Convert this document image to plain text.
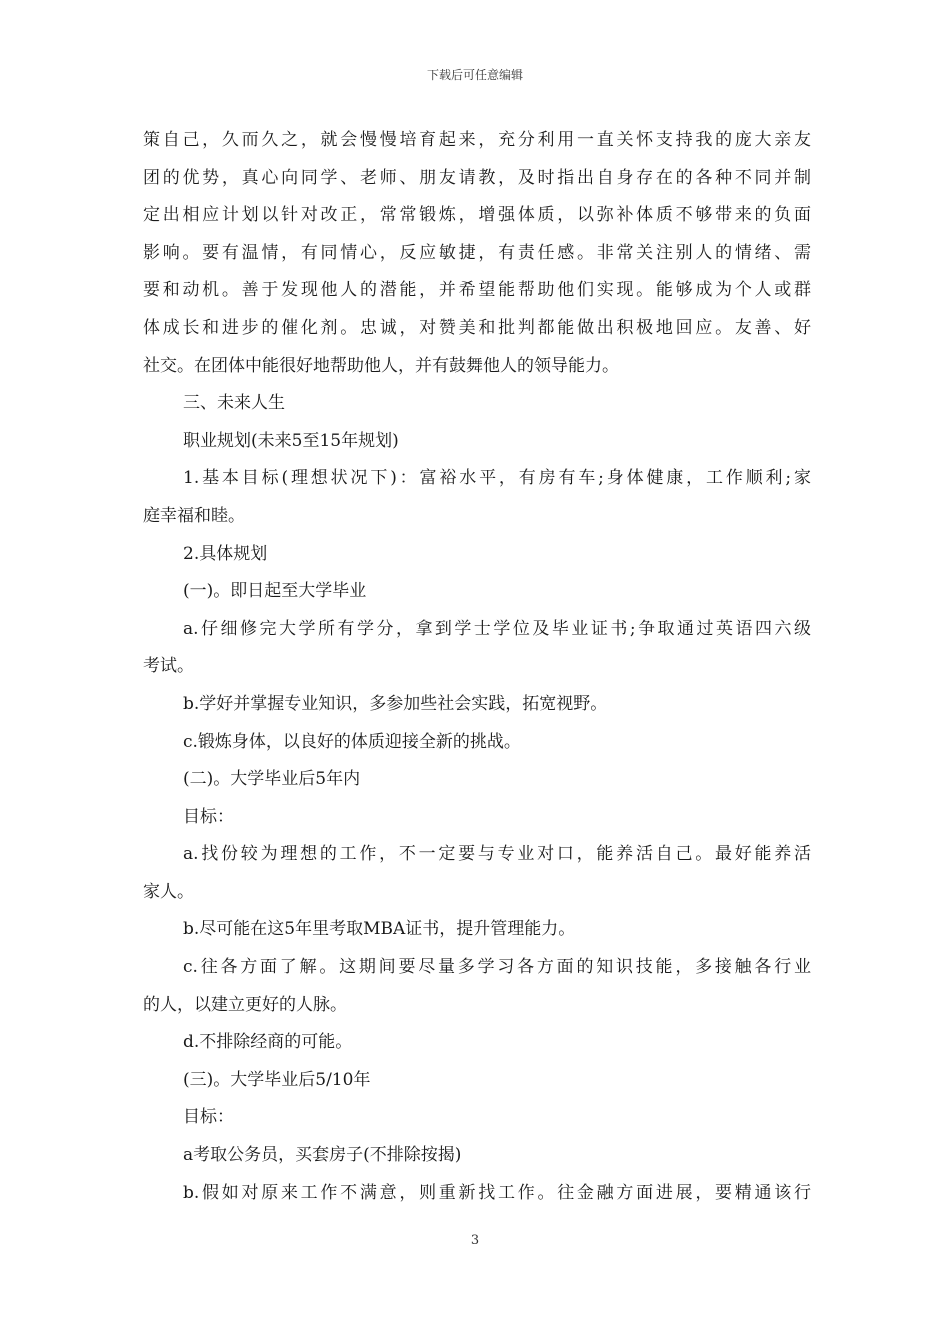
下载后可任意编辑
策自己，久而久之，就会慢慢培育起来，充分利用一直关怀支持我的庞大亲友
团的优势，真心向同学、老师、朋友请教，及时指出自身存在的各种不同并制
定出相应计划以针对改正，常常锻炼，增强体质，以弥补体质不够带来的负面
影响。要有温情，有同情心，反应敏捷，有责任感。非常关注别人的情绪、需
要和动机。善于发现他人的潜能，并希望能帮助他们实现。能够成为个人或群
体成长和进步的催化剂。忠诚，对赞美和批判都能做出积极地回应。友善、好
社交。在团体中能很好地帮助他人，并有鼓舞他人的领导能力。
三、未来人生
职业规划(未来5至15年规划)
1.基本目标(理想状况下)：富裕水平，有房有车;身体健康，工作顺利;家
庭幸福和睦。
2.具体规划
(一)。即日起至大学毕业
a.仔细修完大学所有学分，拿到学士学位及毕业证书;争取通过英语四六级
考试。
b.学好并掌握专业知识，多参加些社会实践，拓宽视野。
c.锻炼身体，以良好的体质迎接全新的挑战。
(二)。大学毕业后5年内
目标：
a.找份较为理想的工作，不一定要与专业对口，能养活自己。最好能养活
家人。
b.尽可能在这5年里考取MBA证书，提升管理能力。
c.往各方面了解。这期间要尽量多学习各方面的知识技能，多接触各行业
的人，以建立更好的人脉。
d.不排除经商的可能。
(三)。大学毕业后5/10年
目标：
a考取公务员，买套房子(不排除按揭)
b.假如对原来工作不满意，则重新找工作。往金融方面进展，要精通该行
3
